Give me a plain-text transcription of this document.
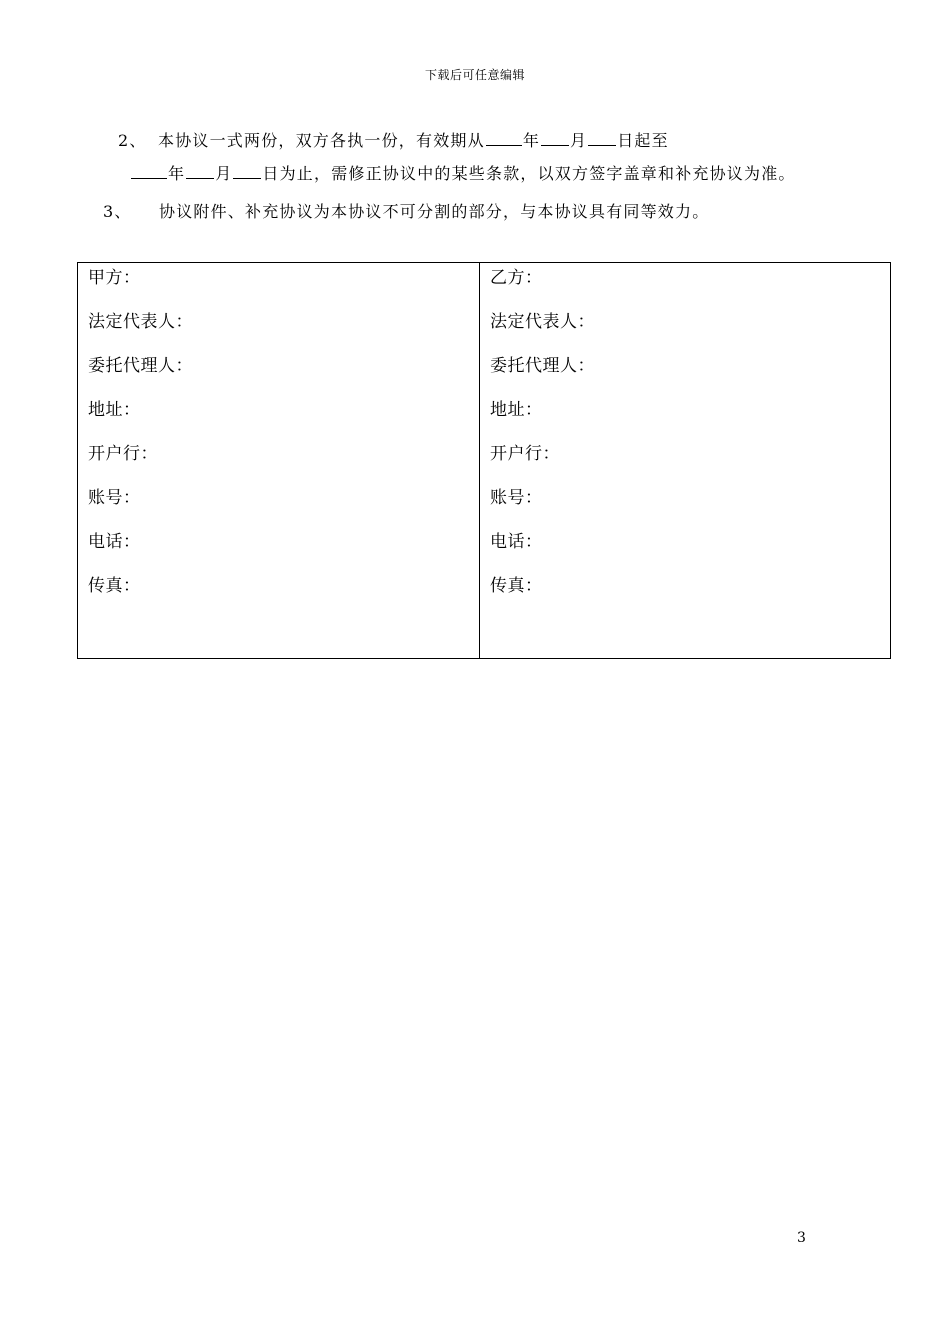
下载后可任意编辑
2、 本协议一式两份，双方各执一份，有效期从 年 月 日起至
年 月 日为止，需修正协议中的某些条款，以双方签字盖章和补充协议为准。
3、 协议附件、补充协议为本协议不可分割的部分，与本协议具有同等效力。
甲方：
法定代表人：
委托代理人：
地址：
开户行：
账号：
电话：
传真：
乙方：
法定代表人：
委托代理人：
地址：
开户行：
账号：
电话：
传真：
3
